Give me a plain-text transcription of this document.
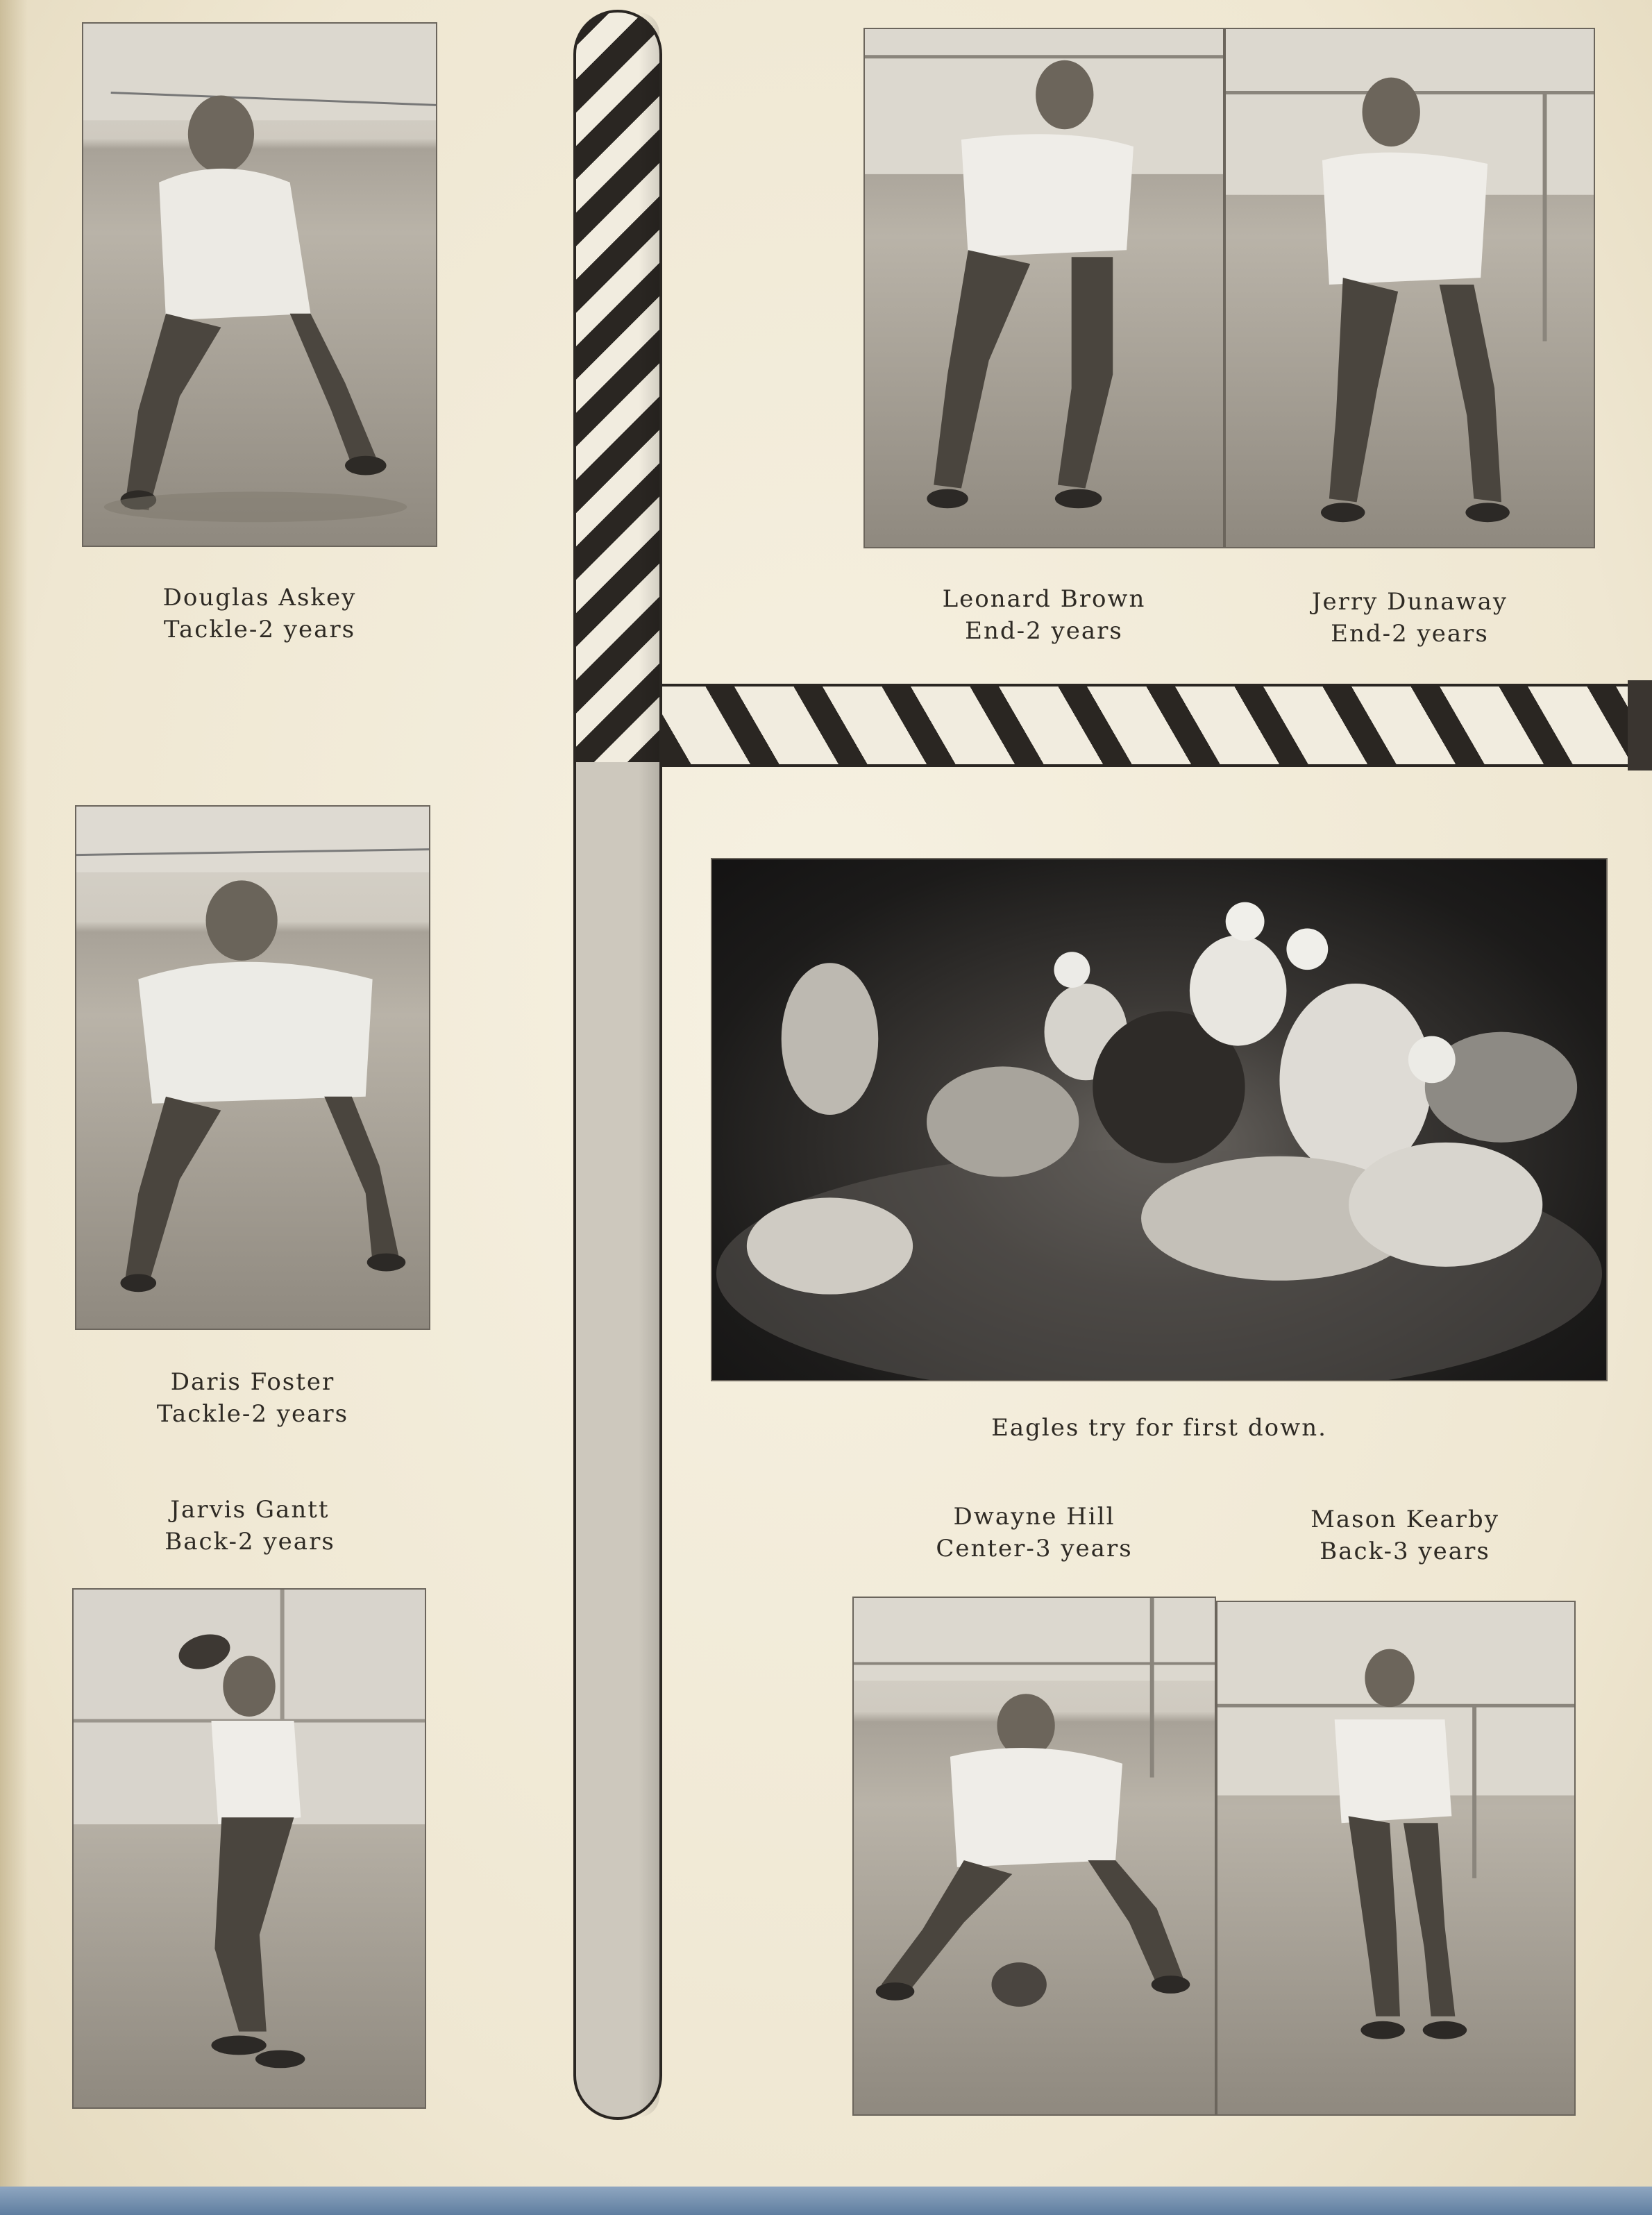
Douglas Askey
Tackle-2 years
Daris Foster
Tackle-2 years
Jarvis Gantt
Back-2 years
Leonard Brown
End-2 years
Jerry Dunaway
End-2 years
Eagles try for first down.
Dwayne Hill
Center-3 years
Mason Kearby
Back-3 years
